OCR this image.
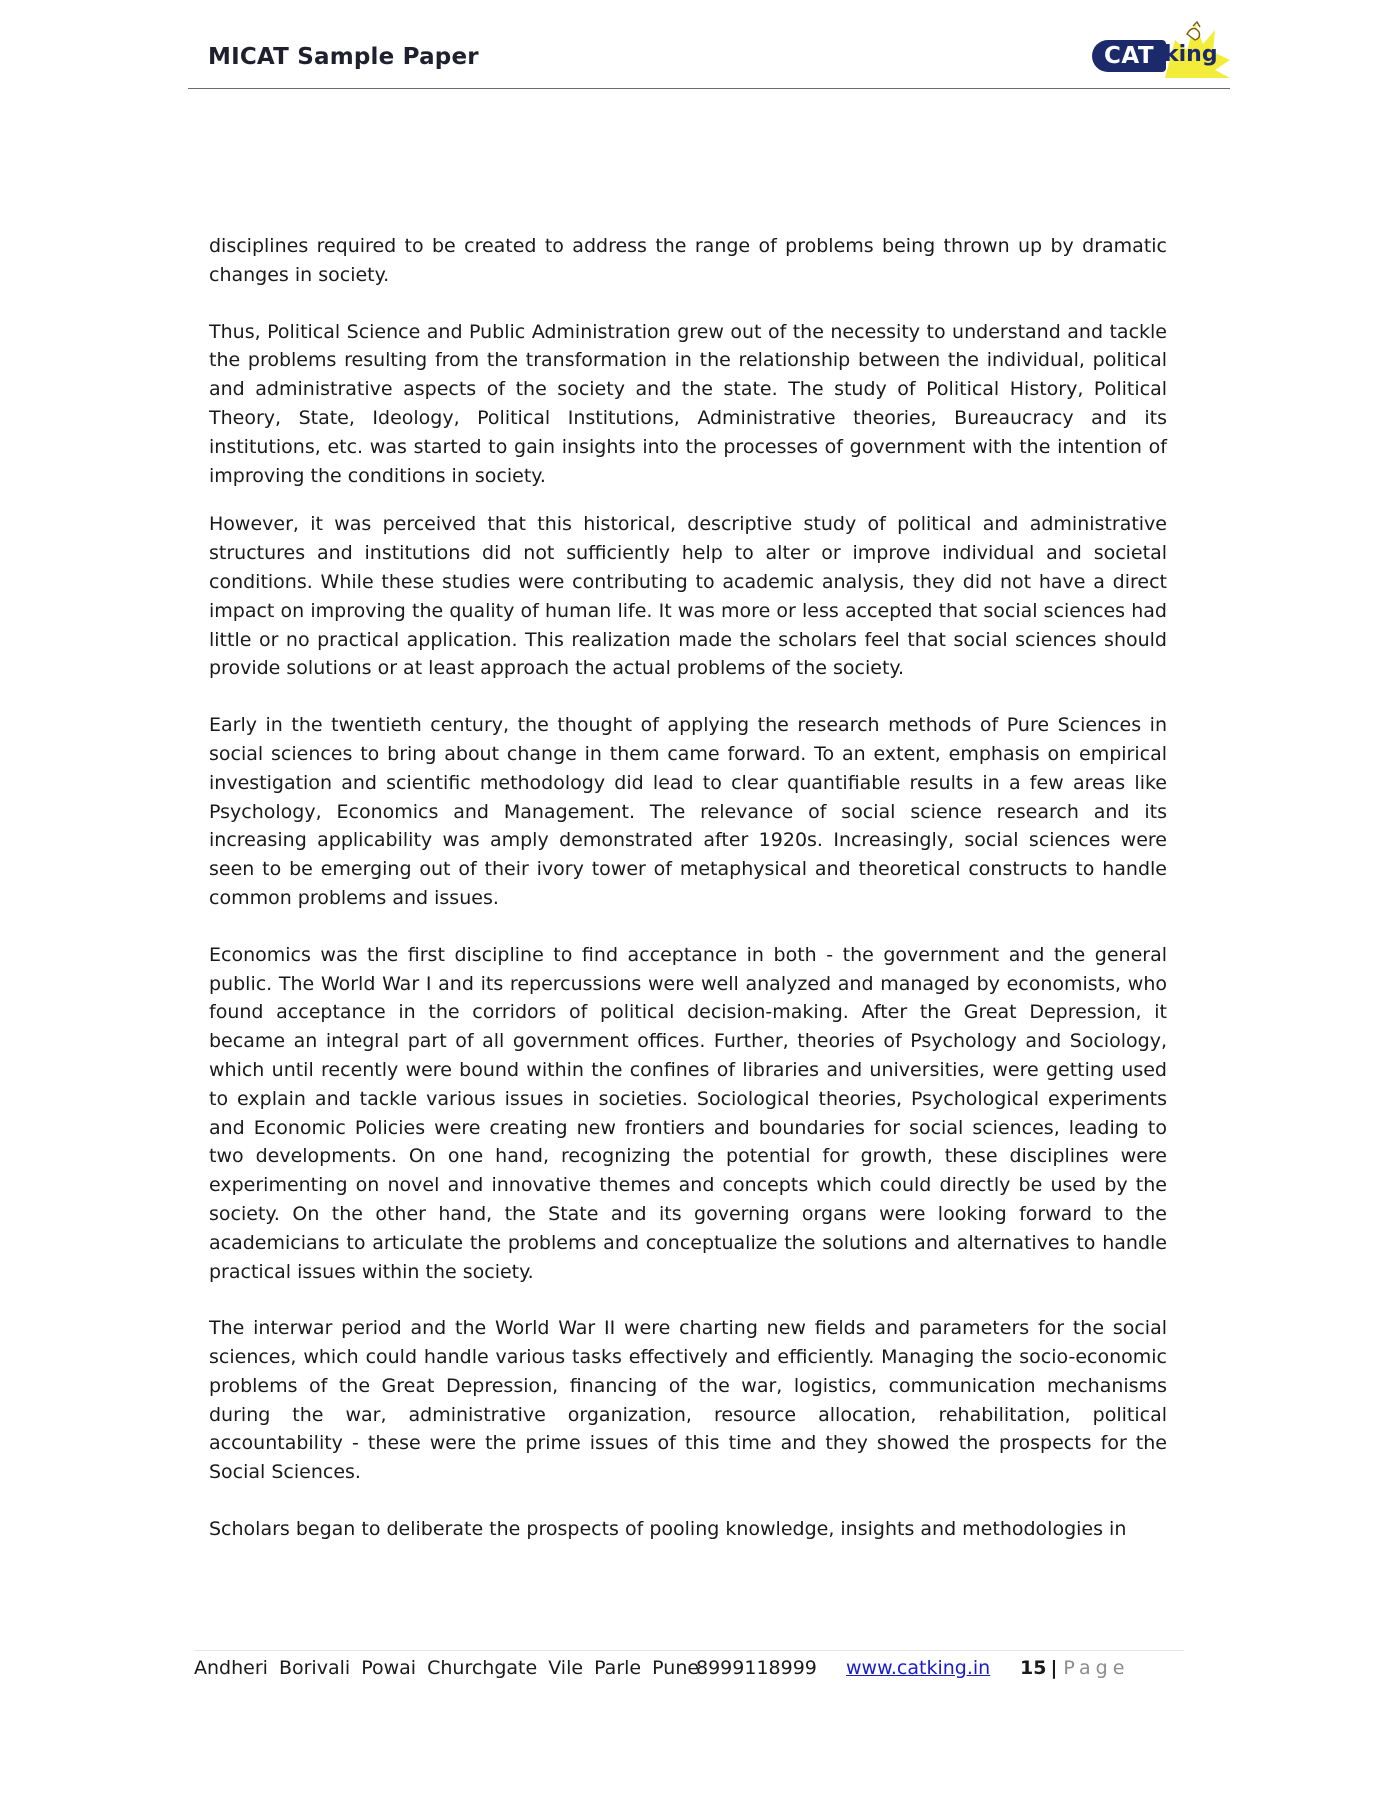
MICAT Sample Paper	CAT king

disciplines required to be created to address the range of problems being thrown up by dramatic changes in society.

Thus, Political Science and Public Administration grew out of the necessity to understand and tackle the problems resulting from the transformation in the relationship between the individual, political and administrative aspects of the society and the state. The study of Political History, Political Theory, State, Ideology, Political Institutions, Administrative theories, Bureaucracy and its institutions, etc. was started to gain insights into the processes of government with the intention of improving the conditions in society.

However, it was perceived that this historical, descriptive study of political and administrative structures and institutions did not sufficiently help to alter or improve individual and societal conditions. While these studies were contributing to academic analysis, they did not have a direct impact on improving the quality of human life. It was more or less accepted that social sciences had little or no practical application. This realization made the scholars feel that social sciences should provide solutions or at least approach the actual problems of the society.

Early in the twentieth century, the thought of applying the research methods of Pure Sciences in social sciences to bring about change in them came forward. To an extent, emphasis on empirical investigation and scientific methodology did lead to clear quantifiable results in a few areas like Psychology, Economics and Management. The relevance of social science research and its increasing applicability was amply demonstrated after 1920s. Increasingly, social sciences were seen to be emerging out of their ivory tower of metaphysical and theoretical constructs to handle common problems and issues.

Economics was the first discipline to find acceptance in both - the government and the general public. The World War I and its repercussions were well analyzed and managed by economists, who found acceptance in the corridors of political decision-making. After the Great Depression, it became an integral part of all government offices. Further, theories of Psychology and Sociology, which until recently were bound within the confines of libraries and universities, were getting used to explain and tackle various issues in societies. Sociological theories, Psychological experiments and Economic Policies were creating new frontiers and boundaries for social sciences, leading to two developments. On one hand, recognizing the potential for growth, these disciplines were experimenting on novel and innovative themes and concepts which could directly be used by the society. On the other hand, the State and its governing organs were looking forward to the academicians to articulate the problems and conceptualize the solutions and alternatives to handle practical issues within the society.

The interwar period and the World War II were charting new fields and parameters for the social sciences, which could handle various tasks effectively and efficiently. Managing the socio-economic problems of the Great Depression, financing of the war, logistics, communication mechanisms during the war, administrative organization, resource allocation, rehabilitation, political accountability - these were the prime issues of this time and they showed the prospects for the Social Sciences.

Scholars began to deliberate the prospects of pooling knowledge, insights and methodologies in

Andheri Borivali Powai Churchgate Vile Parle Pune
8999118999 www.catking.in 15 | Page
